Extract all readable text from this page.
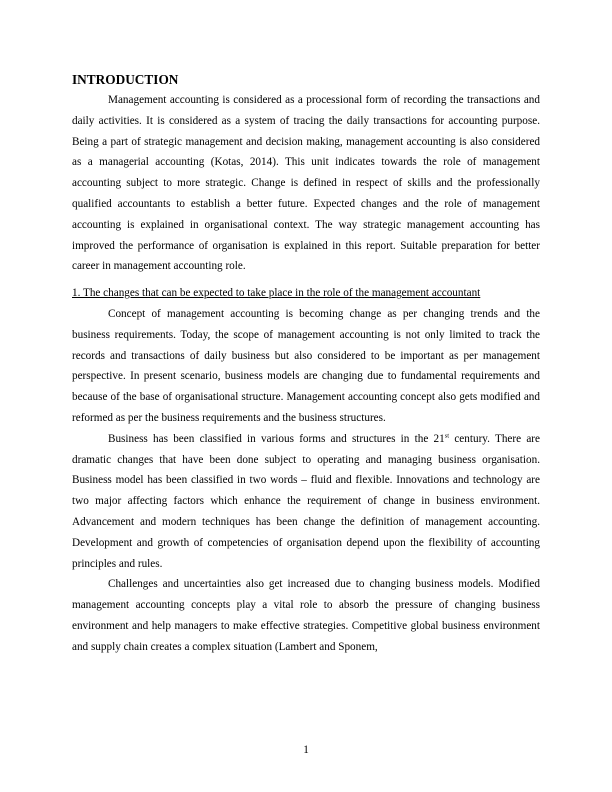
INTRODUCTION

Management accounting is considered as a processional form of recording the transactions and daily activities. It is considered as a system of tracing the daily transactions for accounting purpose. Being a part of strategic management and decision making, management accounting is also considered as a managerial accounting (Kotas, 2014). This unit indicates towards the role of management accounting subject to more strategic. Change is defined in respect of skills and the professionally qualified accountants to establish a better future. Expected changes and the role of management accounting is explained in organisational context. The way strategic management accounting has improved the performance of organisation is explained in this report. Suitable preparation for better career in management accounting role.

1. The changes that can be expected to take place in the role of the management accountant

Concept of management accounting is becoming change as per changing trends and the business requirements. Today, the scope of management accounting is not only limited to track the records and transactions of daily business but also considered to be important as per management perspective. In present scenario, business models are changing due to fundamental requirements and because of the base of organisational structure. Management accounting concept also gets modified and reformed as per the business requirements and the business structures.

Business has been classified in various forms and structures in the 21st century. There are dramatic changes that have been done subject to operating and managing business organisation. Business model has been classified in two words – fluid and flexible. Innovations and technology are two major affecting factors which enhance the requirement of change in business environment. Advancement and modern techniques has been change the definition of management accounting. Development and growth of competencies of organisation depend upon the flexibility of accounting principles and rules.

Challenges and uncertainties also get increased due to changing business models. Modified management accounting concepts play a vital role to absorb the pressure of changing business environment and help managers to make effective strategies. Competitive global business environment and supply chain creates a complex situation (Lambert and Sponem,

1
